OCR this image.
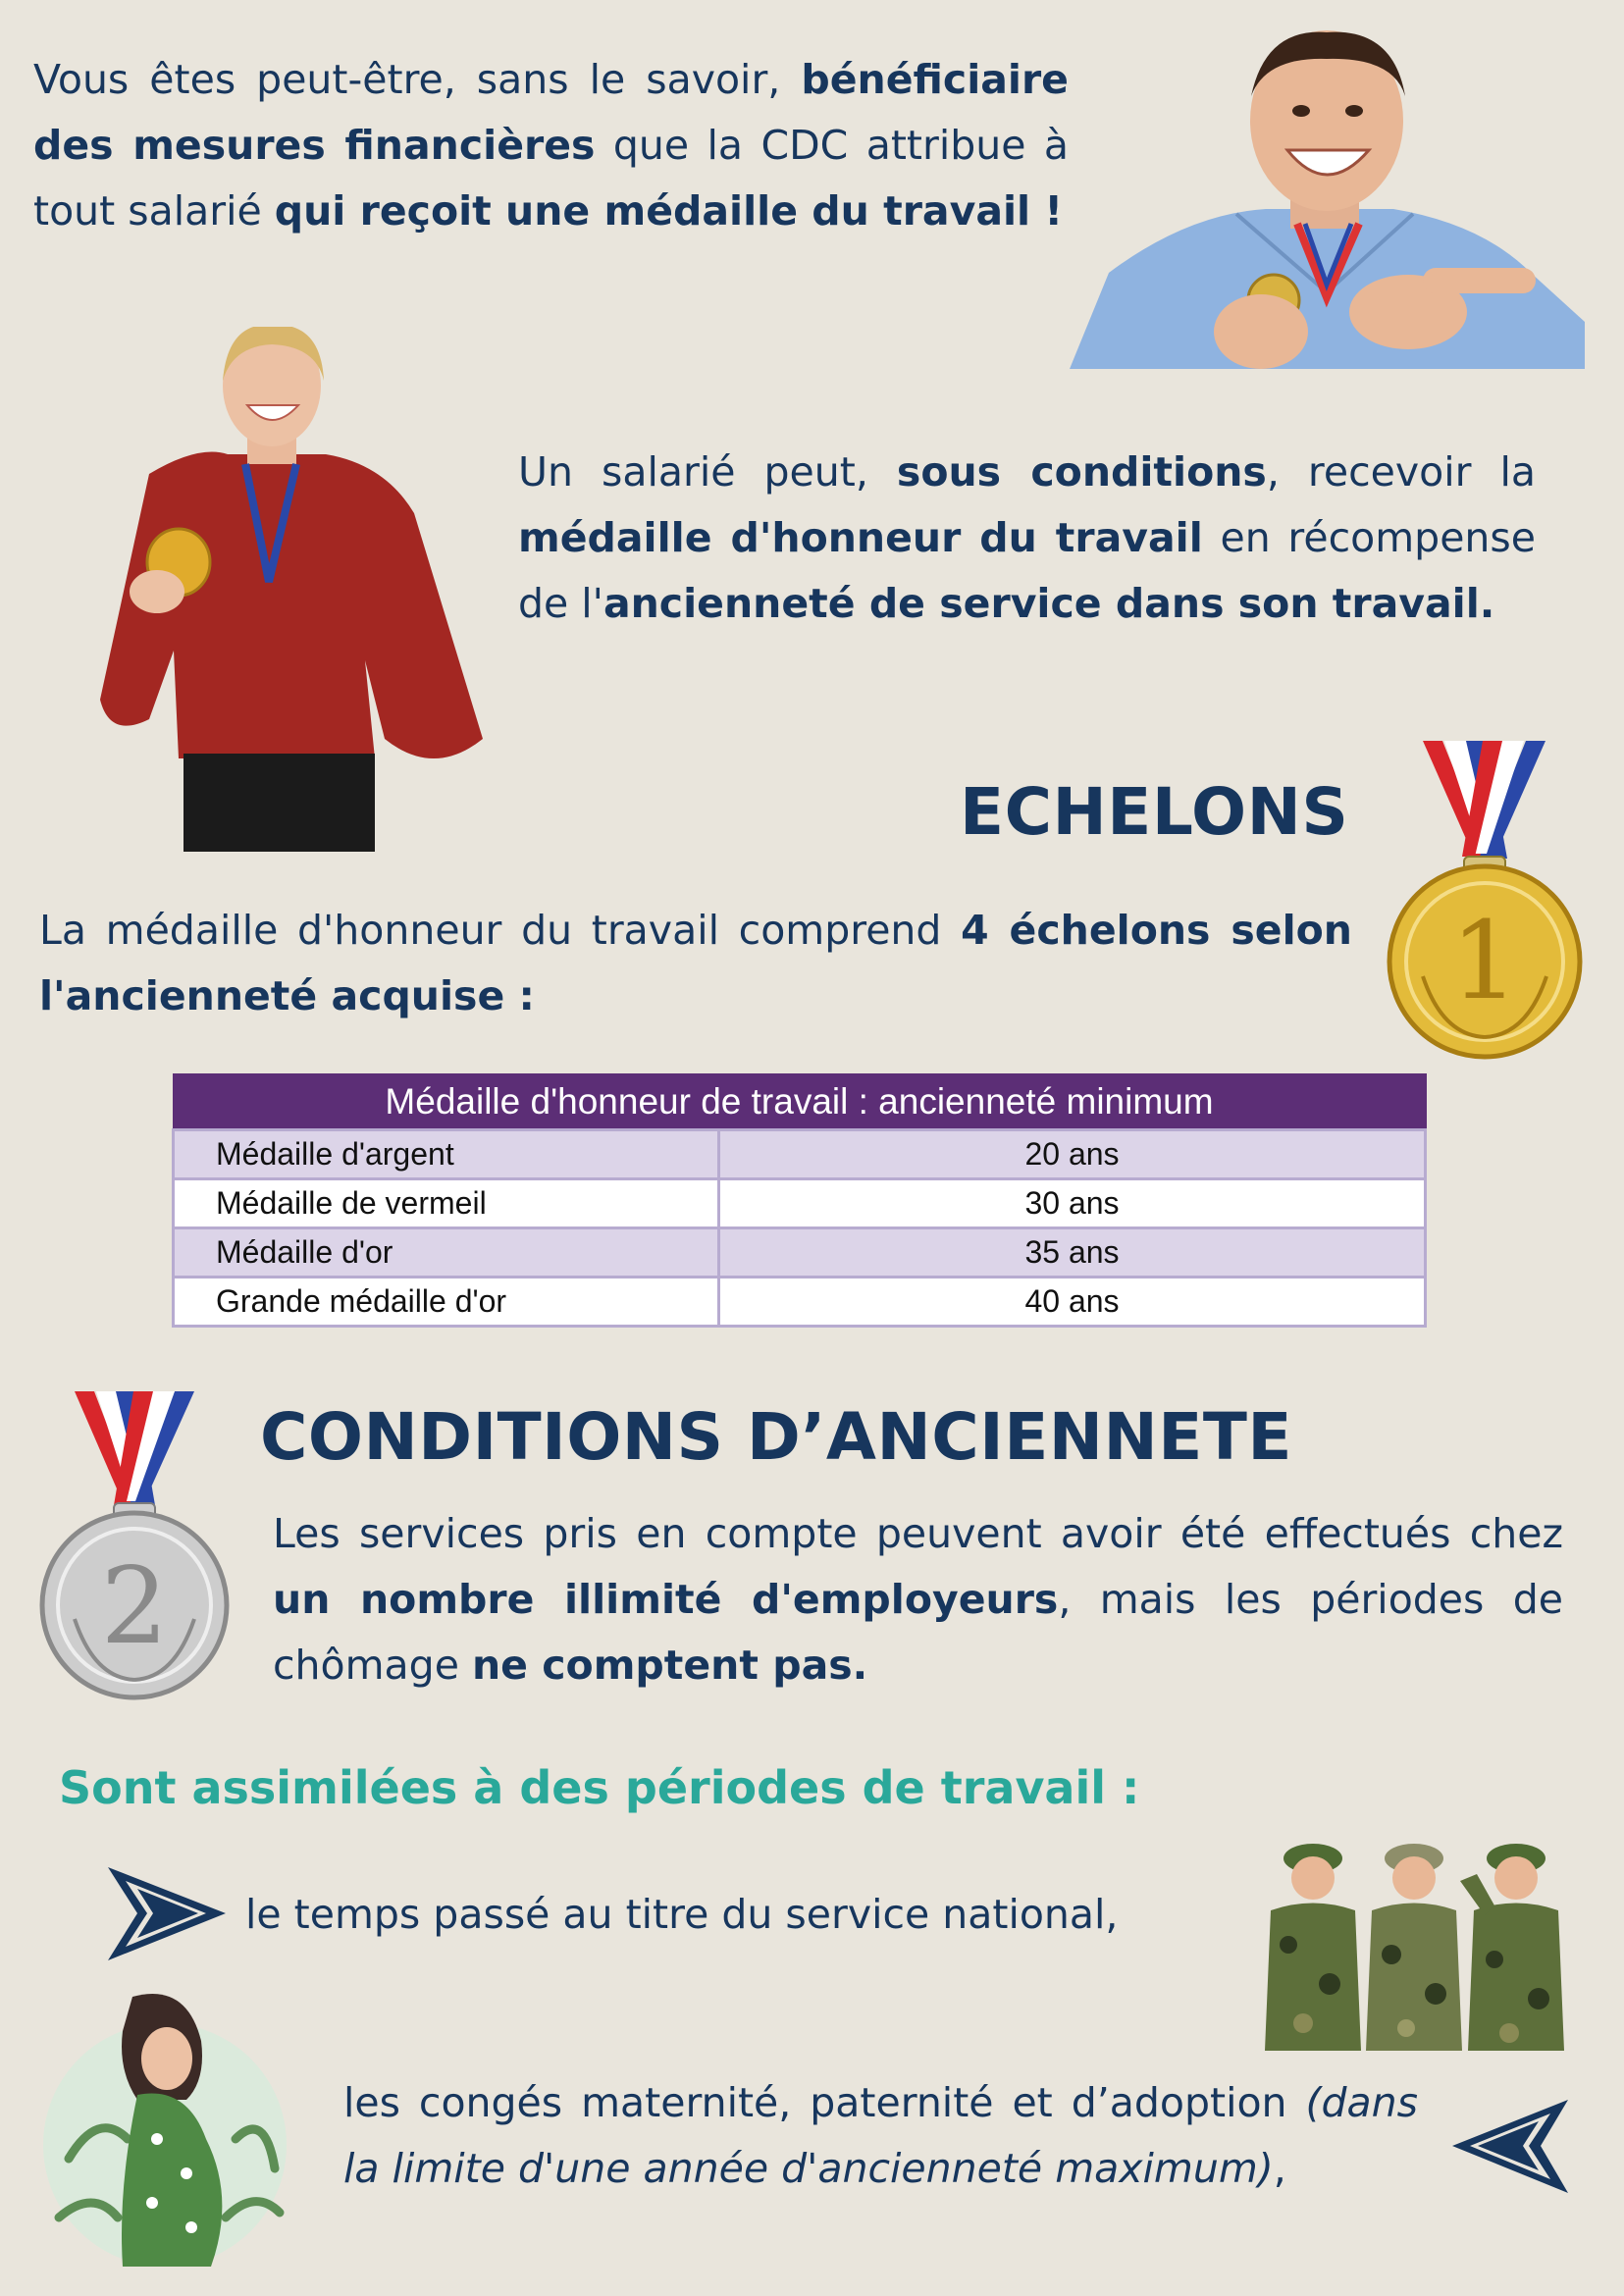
Vous êtes peut-être, sans le savoir, bénéficiaire des mesures financières que la CDC attribue à tout salarié qui reçoit une médaille du travail !
Un salarié peut, sous conditions, recevoir la médaille d'honneur du travail en récompense de l'ancienneté de service dans son travail.
ECHELONS
1
La médaille d'honneur du travail comprend 4 échelons selon l'ancienneté acquise :
Médaille d'honneur de travail : ancienneté minimum	
Médaille d'argent	20 ans
Médaille de vermeil	30 ans
Médaille d'or	35 ans
Grande médaille d'or	40 ans
2
CONDITIONS D’ANCIENNETE
Les services pris en compte peuvent avoir été effectués chez un nombre illimité d'employeurs, mais les périodes de chômage ne comptent pas.
Sont assimilées à des périodes de travail :
le temps passé au titre du service national,
les congés maternité, paternité et d’adoption (dans la limite d'une année d'ancienneté maximum),
